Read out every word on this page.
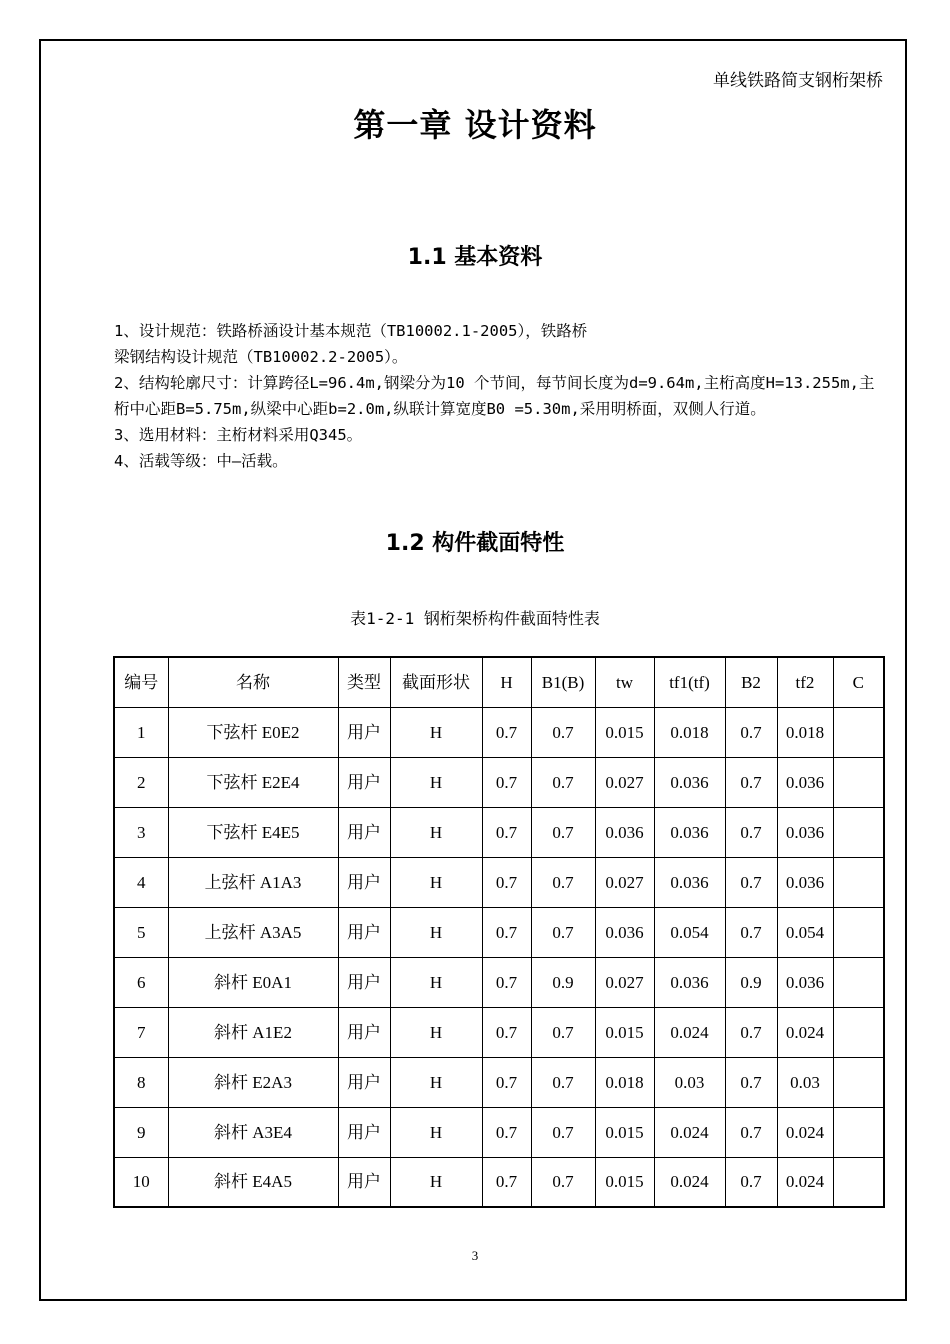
单线铁路简支钢桁架桥
第一章 设计资料
1.1 基本资料

1、设计规范：铁路桥涵设计基本规范（TB10002.1-2005），铁路桥

梁钢结构设计规范（TB10002.2-2005）。

2、结构轮廓尺寸：计算跨径L=96.4m,钢梁分为10 个节间，每节间长度为d=9.64m,主桁高度H=13.255m,主桁中心距B=5.75m,纵梁中心距b=2.0m,纵联计算宽度B0 =5.30m,采用明桥面，双侧人行道。

3、选用材料：主桁材料采用Q345。

4、活载等级：中—活载。

1.2 构件截面特性
表1-2-1 钢桁架桥构件截面特性表
编号	名称	类型	截面形状	H	B1(B)	tw	tf1(tf)	B2	tf2	C
1	下弦杆 E0E2	用户	H	0.7	0.7	0.015	0.018	0.7	0.018	
2	下弦杆 E2E4	用户	H	0.7	0.7	0.027	0.036	0.7	0.036	
3	下弦杆 E4E5	用户	H	0.7	0.7	0.036	0.036	0.7	0.036	
4	上弦杆 A1A3	用户	H	0.7	0.7	0.027	0.036	0.7	0.036	
5	上弦杆 A3A5	用户	H	0.7	0.7	0.036	0.054	0.7	0.054	
6	斜杆 E0A1	用户	H	0.7	0.9	0.027	0.036	0.9	0.036	
7	斜杆 A1E2	用户	H	0.7	0.7	0.015	0.024	0.7	0.024	
8	斜杆 E2A3	用户	H	0.7	0.7	0.018	0.03	0.7	0.03	
9	斜杆 A3E4	用户	H	0.7	0.7	0.015	0.024	0.7	0.024	
10	斜杆 E4A5	用户	H	0.7	0.7	0.015	0.024	0.7	0.024	
3
